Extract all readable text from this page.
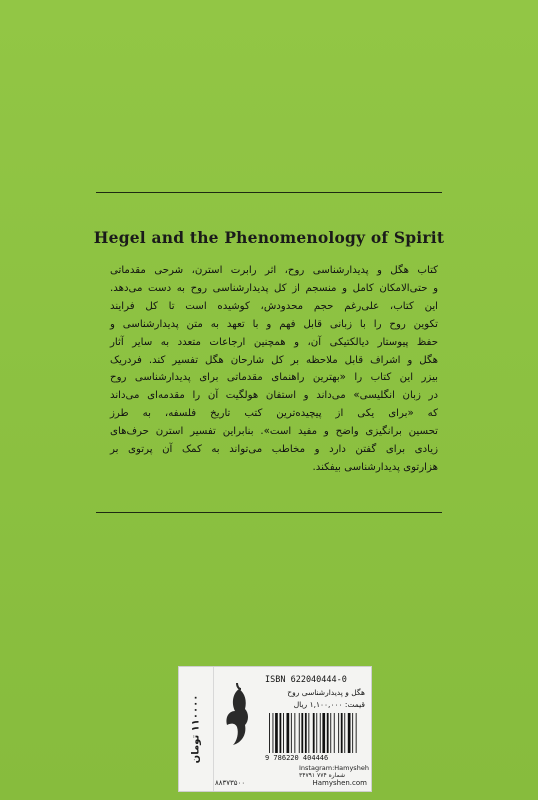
Hegel and the Phenomenology of Spirit
کتاب هگل و پدیدارشناسی روح، اثر رابرت استرن، شرحی مقدماتی
و حتی‌الامکان کامل و منسجم از کل پدیدارشناسی روح به دست می‌دهد.
این کتاب، علی‌رغم حجم محدودش، کوشیده است تا کل فرایند
تکوین روح را با زبانی قابل فهم و با تعهد به متن پدیدارشناسی و
حفظ پیوستار دیالکتیکی آن، و همچنین ارجاعات متعدد به سایر آثار
هگل و اشراف قابل ملاحظه بر کل شارحان هگل تفسیر کند. فردریک
بیزر این کتاب را «بهترین راهنمای مقدماتی برای پدیدارشناسی روح
در زبان انگلیسی» می‌داند و استفان هولگیت آن را مقدمه‌ای می‌داند
که «برای یکی از پیچیده‌ترین کتب تاریخ فلسفه، به طرز
تحسین برانگیزی واضح و مفید است». بنابراین تفسیر استرن حرف‌های
زیادی برای گفتن دارد و مخاطب می‌تواند به کمک آن پرتوی بر
هزارتوی پدیدارشناسی بیفکند.
۱۱۰۰۰۰ تومان
ISBN 622040444-0
هگل و پدیدارشناسی روح
قیمت: ۱,۱۰۰,۰۰۰ ریال
9 786220 404446
Instagram:Hamysheh
شماره ۷۷۴ ۳۴۷۹۱
۸۸۳۷۳۵۰۰	Hamyshen.com
